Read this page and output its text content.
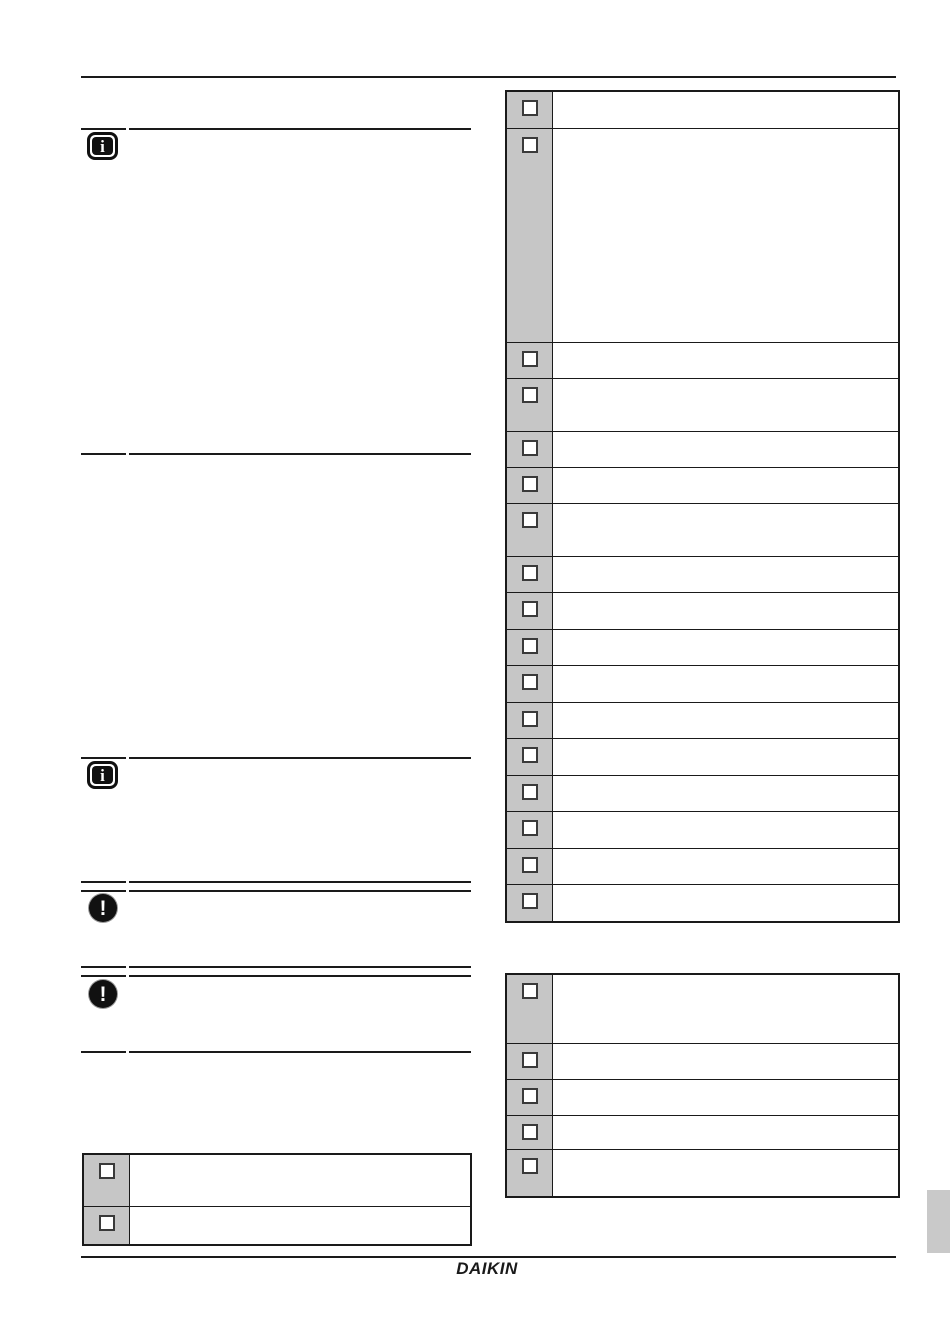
i
i
!
!
DAIKIN
